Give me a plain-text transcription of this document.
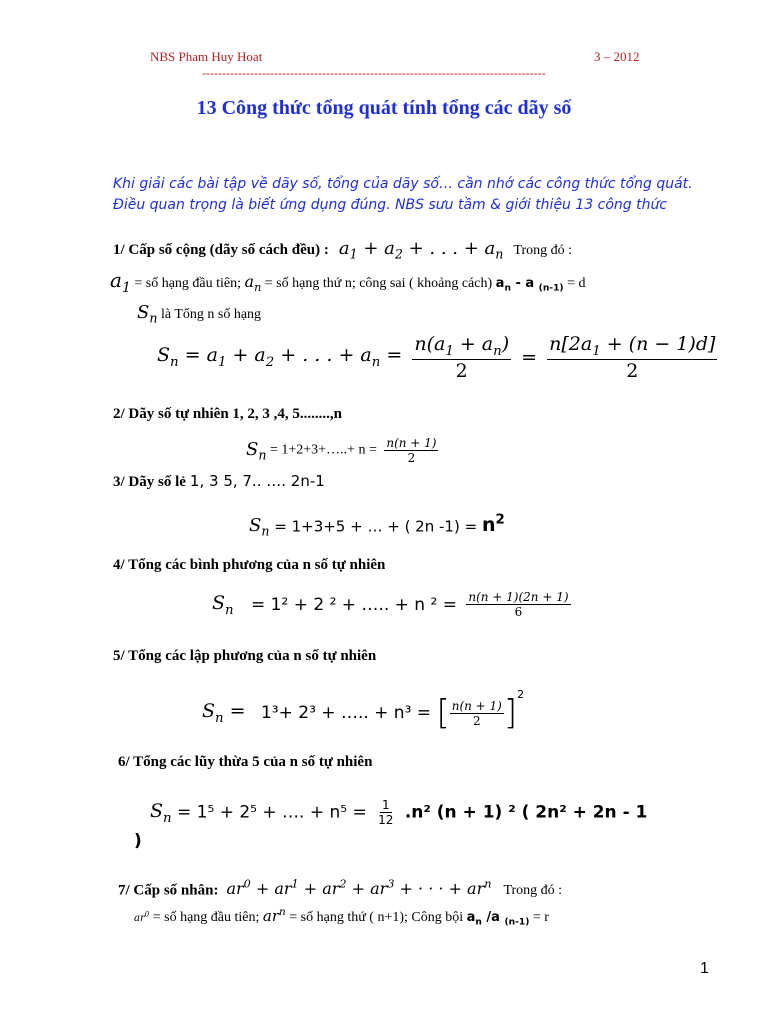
NBS Pham Huy Hoat	3 – 2012
--------------------------------------------------------------------------------------
13 Công thức tổng quát tính tổng các dãy số
Khi giải các bài tập về dãy số, tổng của dãy số… cần nhớ các công thức tổng quát.
Điều quan trọng là biết ứng dụng đúng. NBS sưu tầm & giới thiệu 13 công thức
1/ Cấp số cộng (dãy số cách đều) : $a_1 + a_2$ + . . . + $a_n$ Trong đó :
$a_1$ = số hạng đầu tiên; $a_n$ = số hạng thứ n; công sai ( khoảng cách) $a_n$ - a $_{(n-1)}$ = d
$S_n$ là Tổng n số hạng
$S_n = a_1 + a_2$ + . . . + $a_n = \frac{n(a_1 + a_n)}{2} = \frac{n[2a_1 + (n - 1)d]}{2}$
2/ Dãy số tự nhiên 1, 2, 3 ,4, 5........,n
$S_n$ = 1+2+3+…..+ $n = \frac{n(n + 1)}{2}$
3/ Dãy số lẻ 1, 3 5, 7.. …. 2n-1
$S_n = 1+3+5$ + … + ( 2n $-1) = n^2$
4/ Tổng các bình phương của n số tự nhiên
$S_n = 1^2 + 2$ ² + ….. + n $^2 = \frac{n(n + 1)(2n + 1)}{6}$
5/ Tổng các lập phương của n số tự nhiên
$S_n = 1^3+ 2^3$ + ….. + n³ = [ $\frac{n(n + 1)}{2} ]^2$
6/ Tổng các lũy thừa 5 của n số tự nhiên
$S_n = 1^5 + 2^5$ + …. + $n^5 = \frac{1}{12} .n^2$ (n + 1) ² ( 2n² + 2n - 1
)
7/ Cấp số nhân: $ar^0 + ar^1 + ar^2 + ar^3$ + · · · + $ar^n$ Trong đó :
$ar^0$ = số hạng đầu tiên; $ar^n$ = số hạng thứ ( n+1); Công bội $a_n$ /a $_{(n-1)}$ = r
1
